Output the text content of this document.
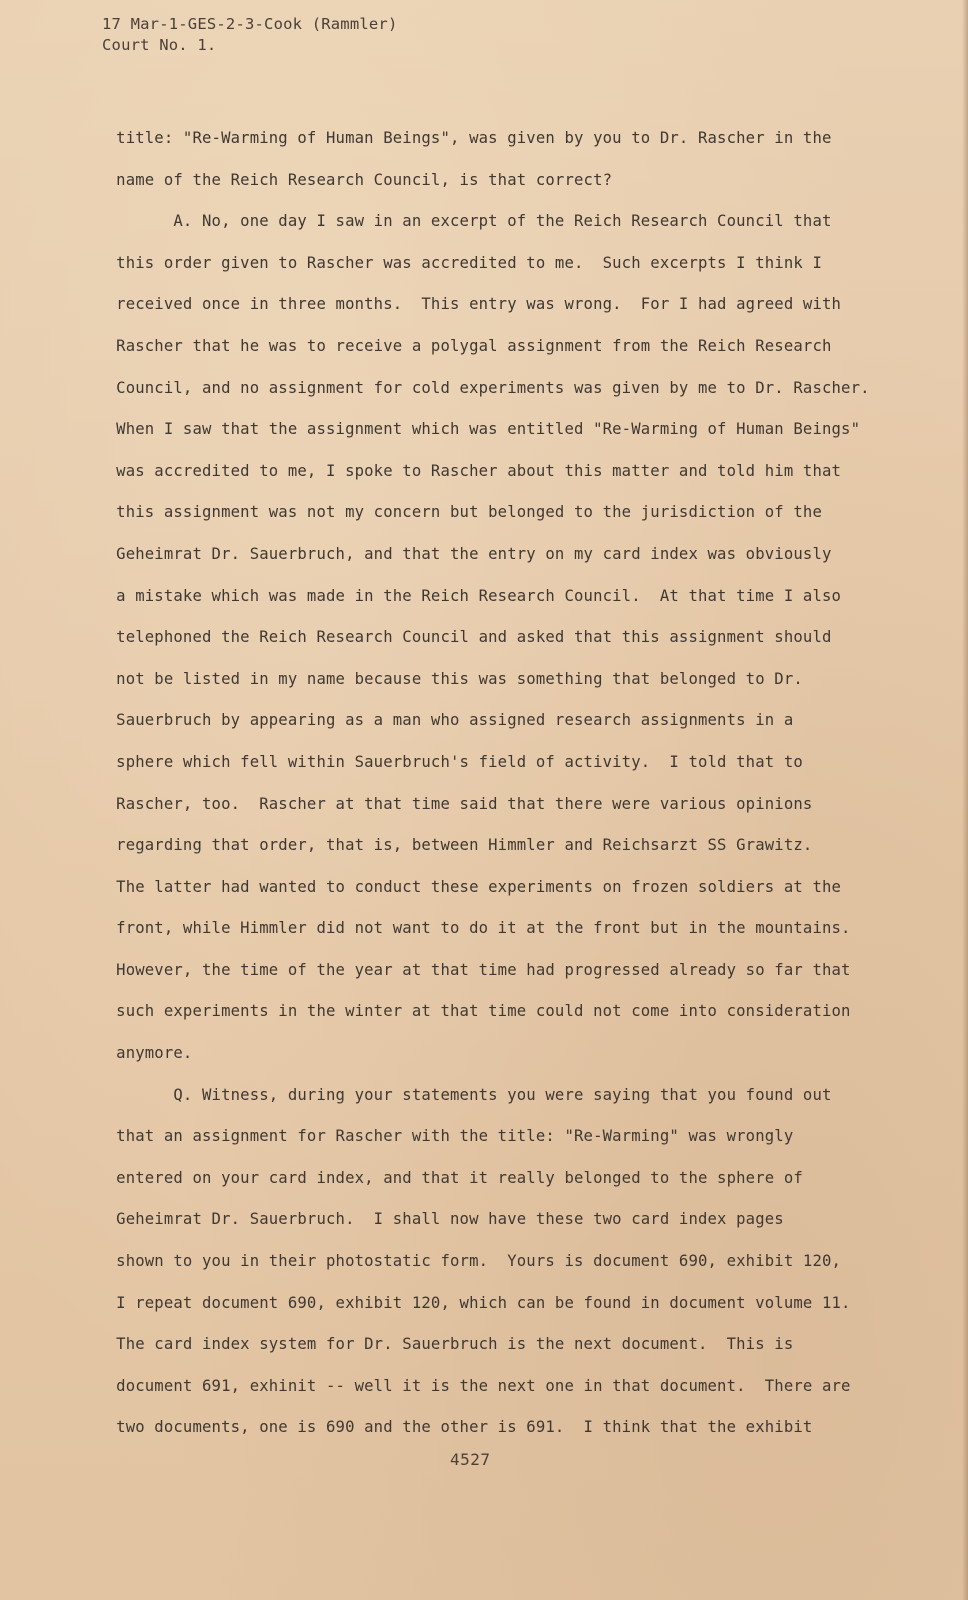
17 Mar-1-GES-2-3-Cook (Rammler)
Court No. 1.
title: "Re-Warming of Human Beings", was given by you to Dr. Rascher in the
name of the Reich Research Council, is that correct?
A. No, one day I saw in an excerpt of the Reich Research Council that
this order given to Rascher was accredited to me.  Such excerpts I think I
received once in three months.  This entry was wrong.  For I had agreed with
Rascher that he was to receive a polygal assignment from the Reich Research
Council, and no assignment for cold experiments was given by me to Dr. Rascher.
When I saw that the assignment which was entitled "Re-Warming of Human Beings"
was accredited to me, I spoke to Rascher about this matter and told him that
this assignment was not my concern but belonged to the jurisdiction of the
Geheimrat Dr. Sauerbruch, and that the entry on my card index was obviously
a mistake which was made in the Reich Research Council.  At that time I also
telephoned the Reich Research Council and asked that this assignment should
not be listed in my name because this was something that belonged to Dr.
Sauerbruch by appearing as a man who assigned research assignments in a
sphere which fell within Sauerbruch's field of activity.  I told that to
Rascher, too.  Rascher at that time said that there were various opinions
regarding that order, that is, between Himmler and Reichsarzt SS Grawitz.
The latter had wanted to conduct these experiments on frozen soldiers at the
front, while Himmler did not want to do it at the front but in the mountains.
However, the time of the year at that time had progressed already so far that
such experiments in the winter at that time could not come into consideration
anymore.
Q. Witness, during your statements you were saying that you found out
that an assignment for Rascher with the title: "Re-Warming" was wrongly
entered on your card index, and that it really belonged to the sphere of
Geheimrat Dr. Sauerbruch.  I shall now have these two card index pages
shown to you in their photostatic form.  Yours is document 690, exhibit 120,
I repeat document 690, exhibit 120, which can be found in document volume 11.
The card index system for Dr. Sauerbruch is the next document.  This is
document 691, exhinit -- well it is the next one in that document.  There are
two documents, one is 690 and the other is 691.  I think that the exhibit
4527
